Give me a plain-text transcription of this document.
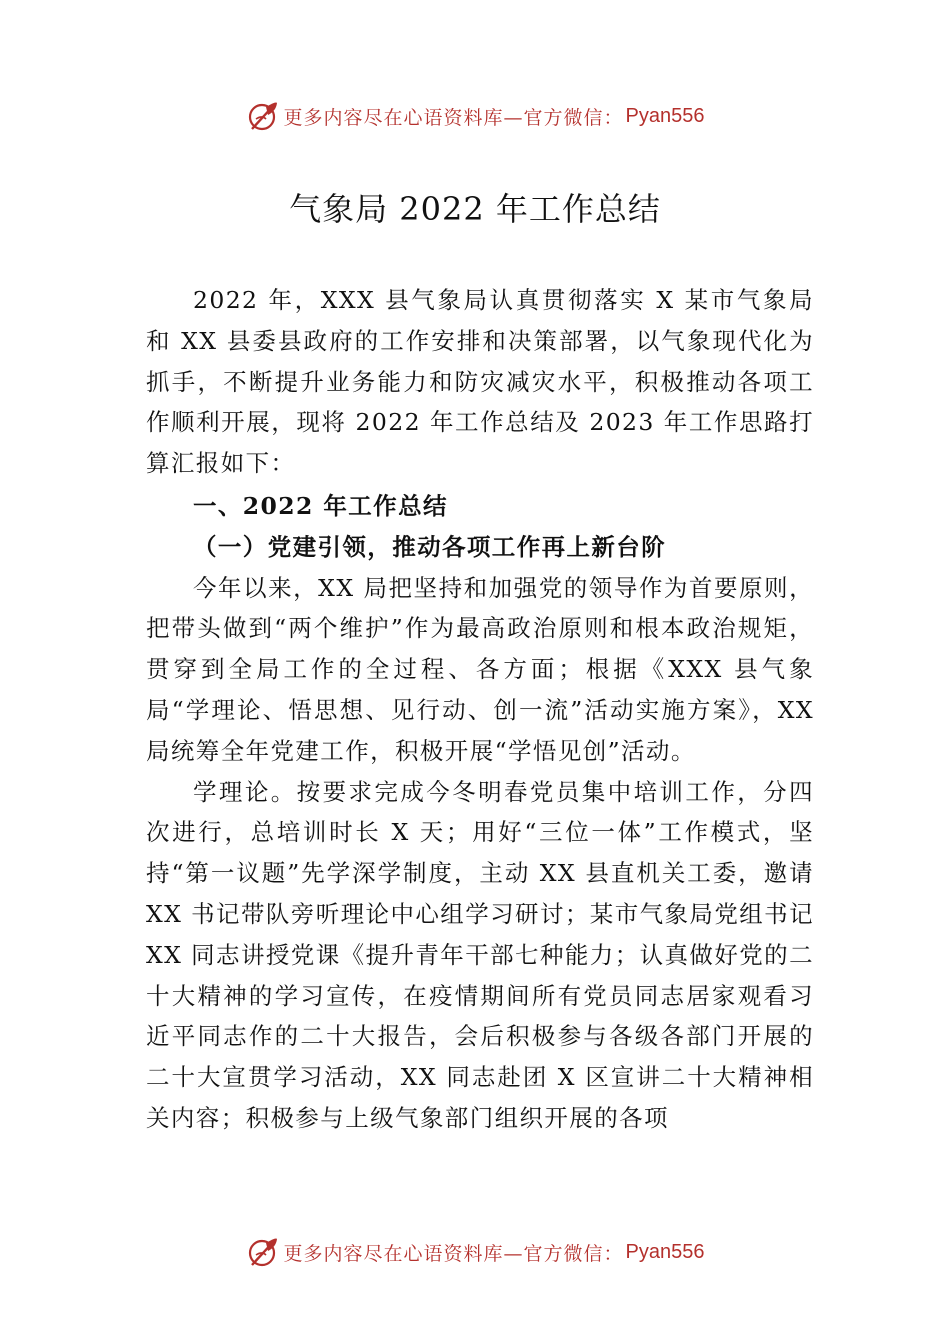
更多内容尽在心语资料库—官方微信： Pyan556
气象局 2022 年工作总结

2022 年，XXX 县气象局认真贯彻落实 X 某市气象局和 XX 县委县政府的工作安排和决策部署，以气象现代化为抓手，不断提升业务能力和防灾减灾水平，积极推动各项工作顺利开展，现将 2022 年工作总结及 2023 年工作思路打算汇报如下：

一、2022 年工作总结

（一）党建引领，推动各项工作再上新台阶

今年以来，XX 局把坚持和加强党的领导作为首要原则，把带头做到“两个维护”作为最高政治原则和根本政治规矩，贯穿到全局工作的全过程、各方面；根据《XXX 县气象局“学理论、悟思想、见行动、创一流”活动实施方案》，XX 局统筹全年党建工作，积极开展“学悟见创”活动。

学理论。按要求完成今冬明春党员集中培训工作，分四次进行，总培训时长 X 天；用好“三位一体”工作模式，坚持“第一议题”先学深学制度，主动 XX 县直机关工委，邀请 XX 书记带队旁听理论中心组学习研讨；某市气象局党组书记 XX 同志讲授党课《提升青年干部七种能力；认真做好党的二十大精神的学习宣传，在疫情期间所有党员同志居家观看习近平同志作的二十大报告，会后积极参与各级各部门开展的二十大宣贯学习活动，XX 同志赴团 X 区宣讲二十大精神相关内容；积极参与上级气象部门组织开展的各项

更多内容尽在心语资料库—官方微信： Pyan556
